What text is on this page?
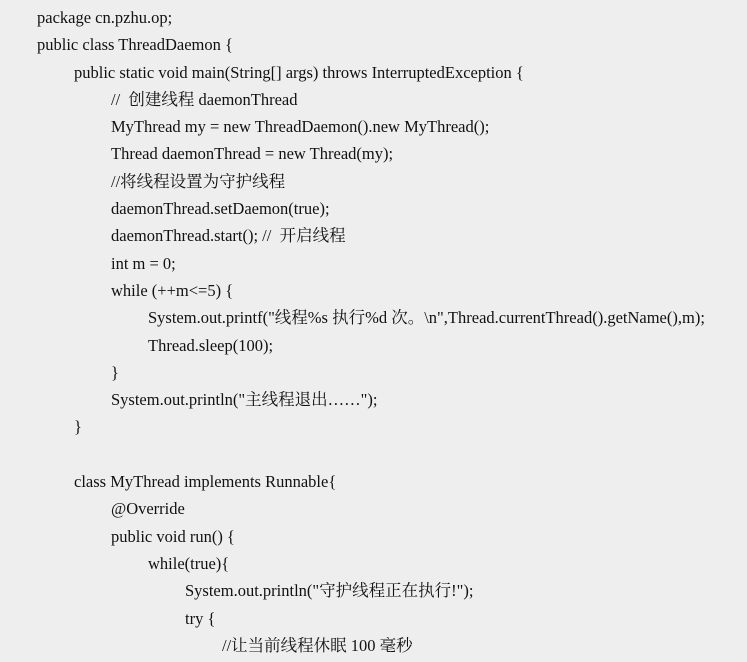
package cn.pzhu.op;
public class ThreadDaemon {
public static void main(String[] args) throws InterruptedException {
//  创建线程 daemonThread
MyThread my = new ThreadDaemon().new MyThread();
Thread daemonThread = new Thread(my);
//将线程设置为守护线程
daemonThread.setDaemon(true);
daemonThread.start(); //  开启线程
int m = 0;
while (++m<=5) {
System.out.printf("线程%s 执行%d 次。\n",Thread.currentThread().getName(),m);
Thread.sleep(100);
}
System.out.println("主线程退出……");
}
class MyThread implements Runnable{
@Override
public void run() {
while(true){
System.out.println("守护线程正在执行!");
try {
//让当前线程休眠 100 毫秒
